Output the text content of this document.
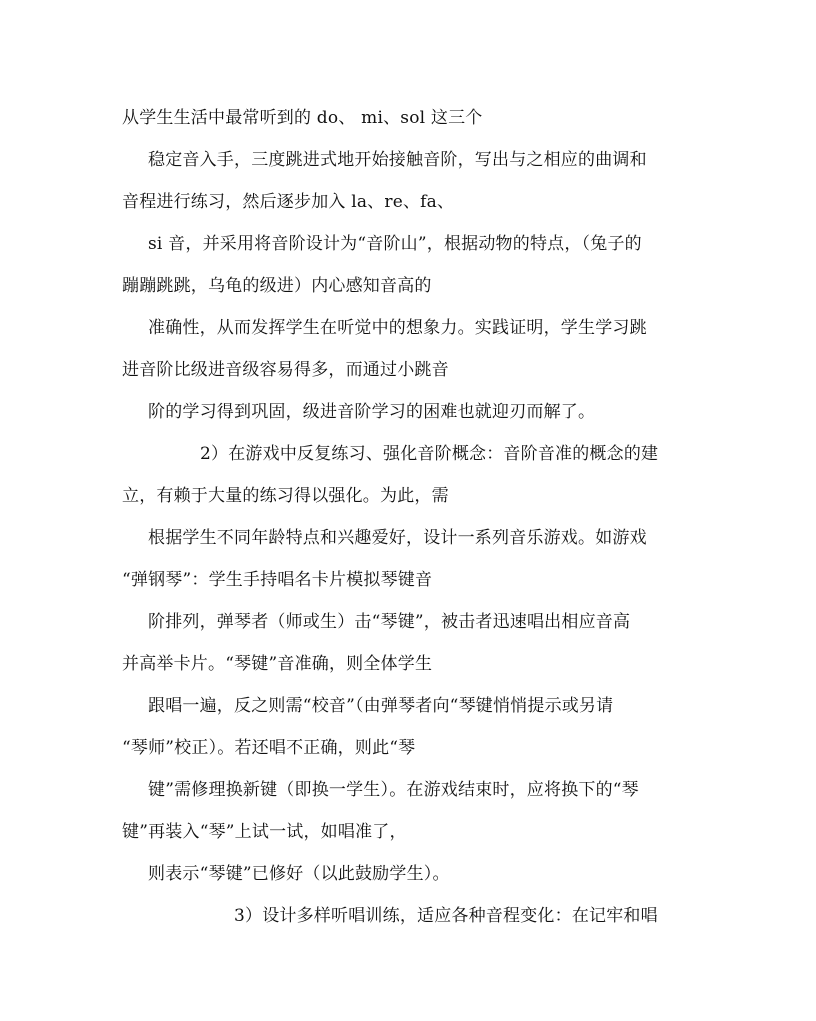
从学生生活中最常听到的 do、 mi、sol 这三个
稳定音入手，三度跳进式地开始接触音阶，写出与之相应的曲调和
音程进行练习，然后逐步加入 la、re、fa、
si 音，并采用将音阶设计为“音阶山”，根据动物的特点，（兔子的
蹦蹦跳跳，乌龟的级进）内心感知音高的
准确性，从而发挥学生在听觉中的想象力。实践证明，学生学习跳
进音阶比级进音级容易得多，而通过小跳音
阶的学习得到巩固，级进音阶学习的困难也就迎刃而解了。
2）在游戏中反复练习、强化音阶概念：音阶音准的概念的建
立，有赖于大量的练习得以强化。为此，需
根据学生不同年龄特点和兴趣爱好，设计一系列音乐游戏。如游戏
“弹钢琴”：学生手持唱名卡片模拟琴键音
阶排列，弹琴者（师或生）击“琴键”，被击者迅速唱出相应音高
并高举卡片。“琴键”音准确，则全体学生
跟唱一遍，反之则需“校音”（由弹琴者向“琴键悄悄提示或另请
“琴师”校正）。若还唱不正确，则此“琴
键”需修理换新键（即换一学生）。在游戏结束时，应将换下的“琴
键”再装入“琴”上试一试，如唱准了，
则表示“琴键”已修好（以此鼓励学生）。
3）设计多样听唱训练，适应各种音程变化：在记牢和唱
